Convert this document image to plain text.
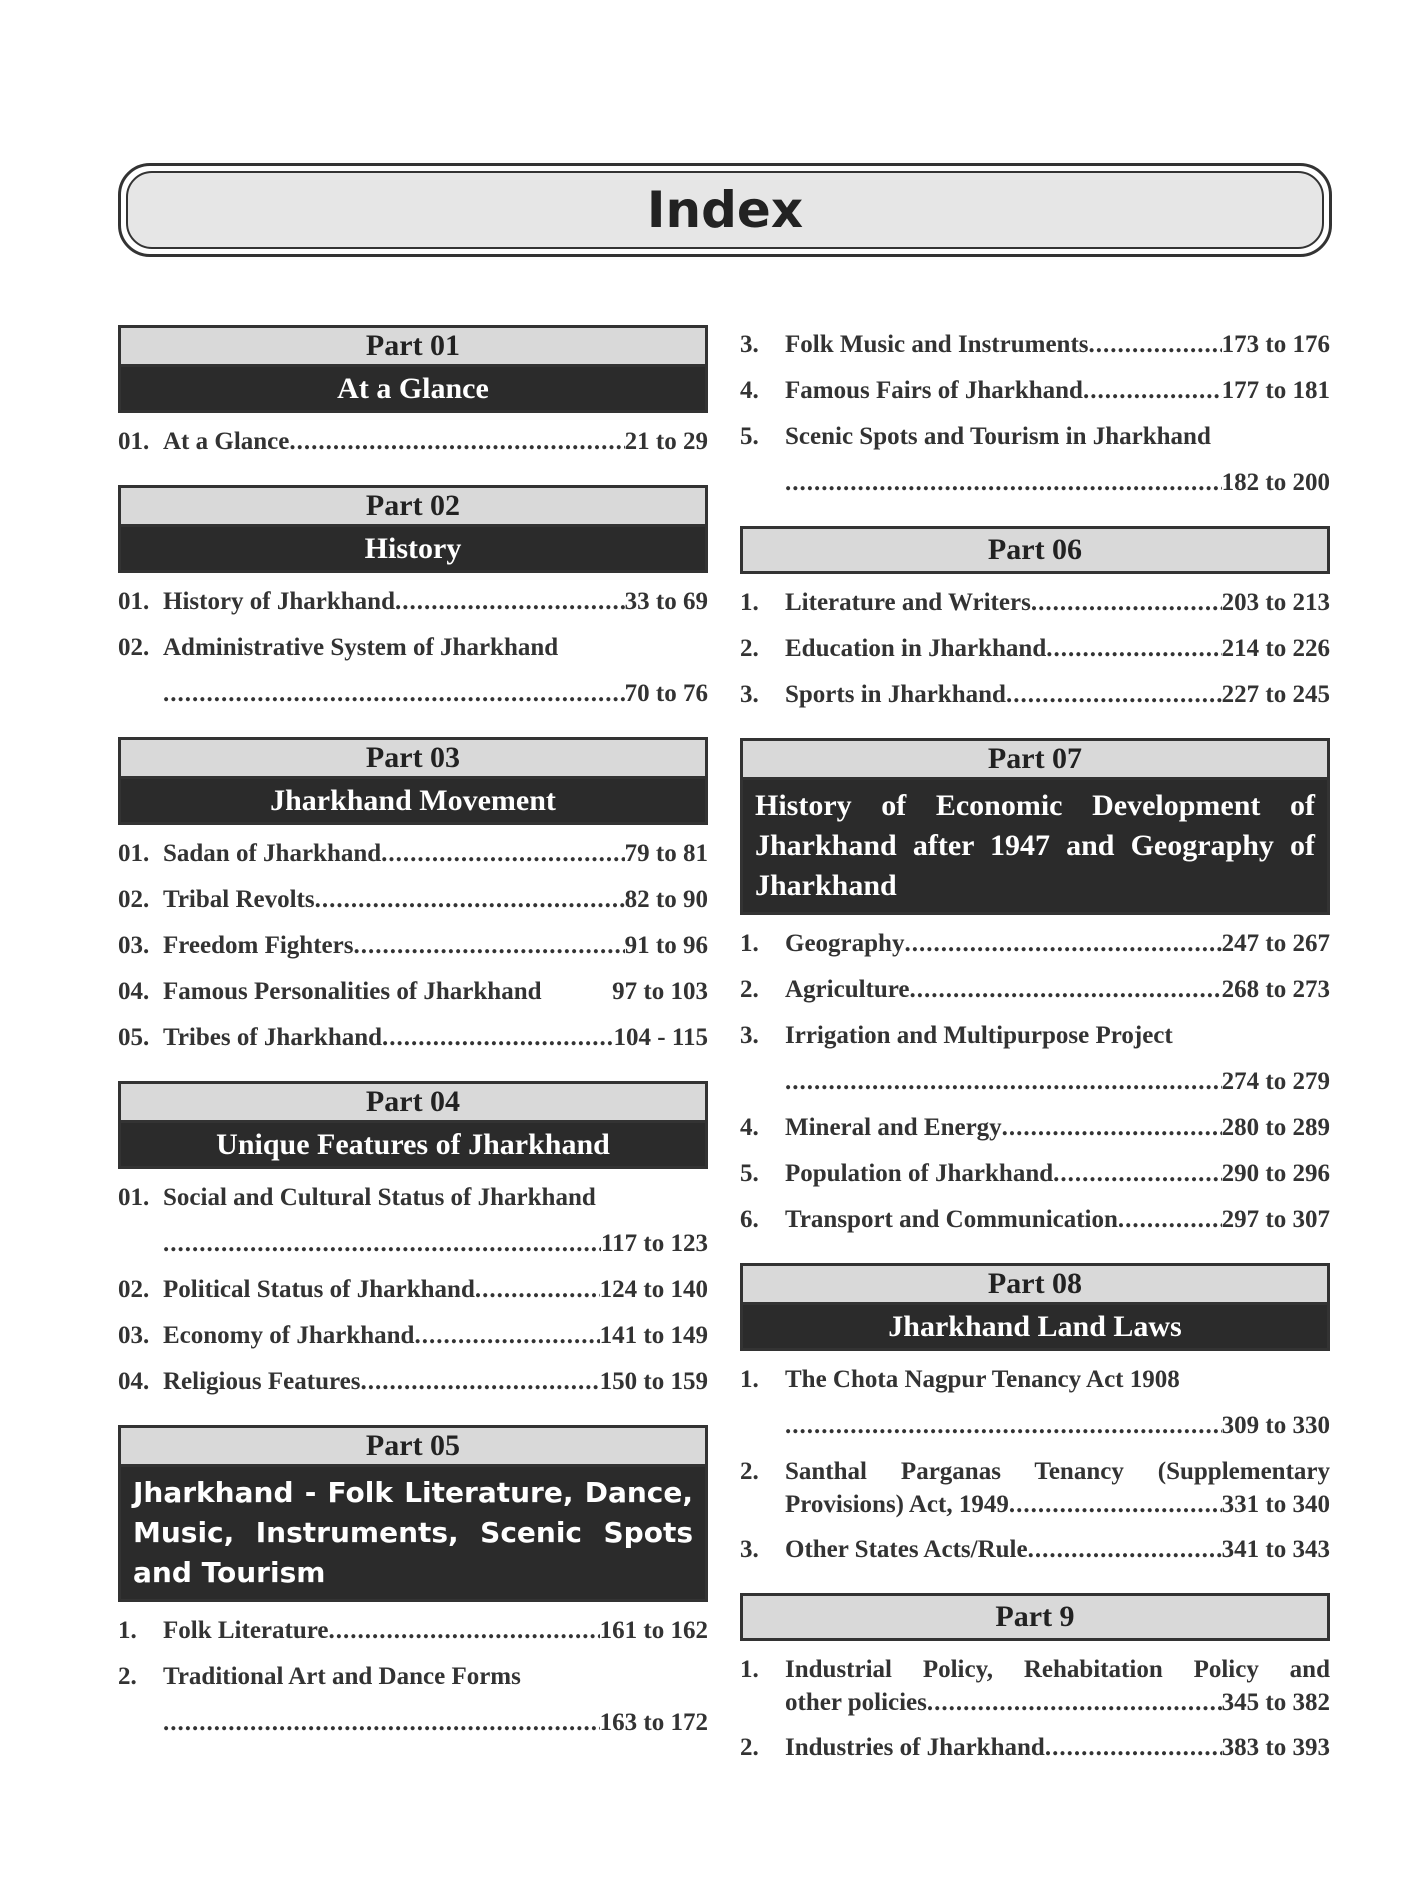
Index
Part 01
At a Glance
01. At a Glance .....	21 to 29
Part 02
History
01. History of Jharkhand .....	33 to 69
02. Administrative System of Jharkhand
.....
70 to 76
Part 03
Jharkhand Movement
01. Sadan of Jharkhand .....	79 to 81
02. Tribal Revolts .....	82 to 90
03. Freedom Fighters .....	91 to 96
04. Famous Personalities of Jharkhand	97 to 103
05. Tribes of Jharkhand .....	104 - 115
Part 04
Unique Features of Jharkhand
01. Social and Cultural Status of Jharkhand
.....
117 to 123
02. Political Status of Jharkhand .....	124 to 140
03. Economy of Jharkhand .....	141 to 149
04. Religious Features .....	150 to 159
Part 05
Jharkhand - Folk Literature, Dance, Music, Instruments, Scenic Spots and Tourism
1.	Folk Literature .....	161 to 162
2.	Traditional Art and Dance Forms
.....
163 to 172
3.	Folk Music and Instruments .....	173 to 176
4.	Famous Fairs of Jharkhand .....	177 to 181
5.	Scenic Spots and Tourism in Jharkhand
.....
182 to 200
Part 06
1.	Literature and Writers .....	203 to 213
2.	Education in Jharkhand .....	214 to 226
3.	Sports in Jharkhand .....	227 to 245
Part 07
History of Economic Development of Jharkhand after 1947 and Geography of Jharkhand
1.	Geography .....	247 to 267
2.	Agriculture .....	268 to 273
3.	Irrigation and Multipurpose Project
.....
274 to 279
4.	Mineral and Energy .....	280 to 289
5.	Population of Jharkhand .....	290 to 296
6.	Transport and Communication .....	297 to 307
Part 08
Jharkhand Land Laws
1.	The Chota Nagpur Tenancy Act 1908
.....
309 to 330
2.	Santhal Parganas Tenancy (Supplementary
Provisions) Act, 1949 .....	331 to 340
3.	Other States Acts/Rule .....	341 to 343
Part 9
1.	Industrial Policy, Rehabitation Policy and
other policies .....	345 to 382
2.	Industries of Jharkhand .....	383 to 393
